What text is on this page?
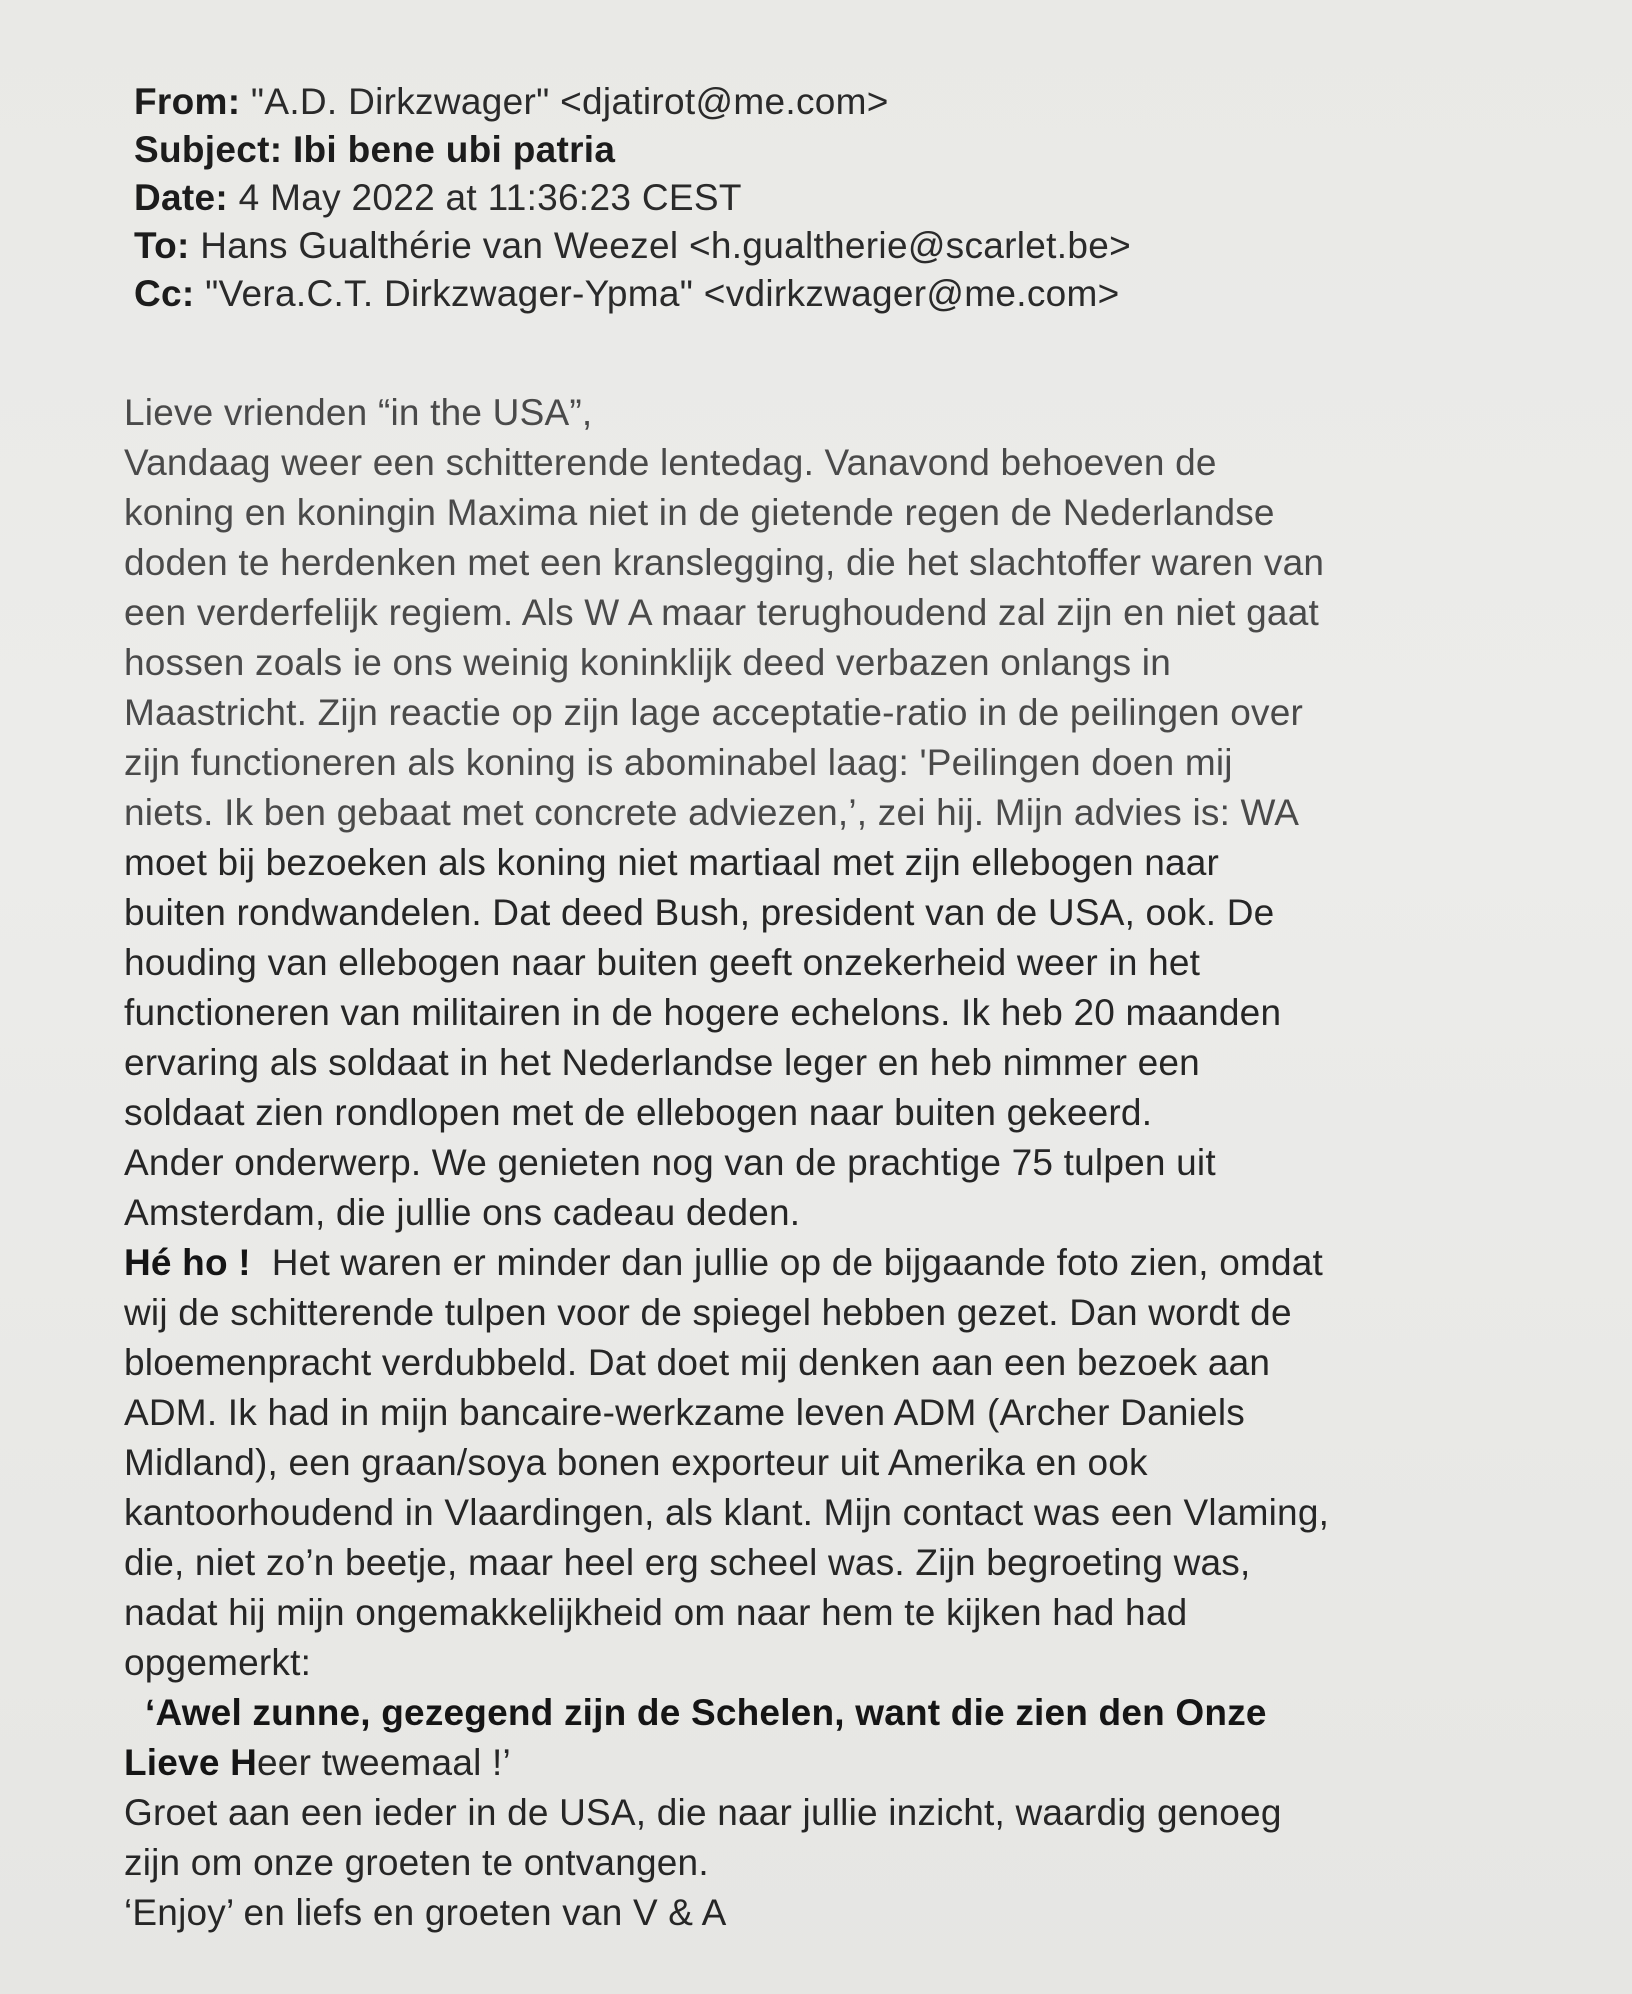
From: "A.D. Dirkzwager" <djatirot@me.com>
Subject: Ibi bene ubi patria
Date: 4 May 2022 at 11:36:23 CEST
To: Hans Gualthérie van Weezel <h.gualtherie@scarlet.be>
Cc: "Vera.C.T. Dirkzwager-Ypma" <vdirkzwager@me.com>
Lieve vrienden “in the USA”,
Vandaag weer een schitterende lentedag. Vanavond behoeven de
koning en koningin Maxima niet in de gietende regen de Nederlandse
doden te herdenken met een kranslegging, die het slachtoffer waren van
een verderfelijk regiem. Als W A maar terughoudend zal zijn en niet gaat
hossen zoals ie ons weinig koninklijk deed verbazen onlangs in
Maastricht. Zijn reactie op zijn lage acceptatie-ratio in de peilingen over
zijn functioneren als koning is abominabel laag: 'Peilingen doen mij
niets. Ik ben gebaat met concrete adviezen,’, zei hij. Mijn advies is: WA
moet bij bezoeken als koning niet martiaal met zijn ellebogen naar
buiten rondwandelen. Dat deed Bush, president van de USA, ook. De
houding van ellebogen naar buiten geeft onzekerheid weer in het
functioneren van militairen in de hogere echelons. Ik heb 20 maanden
ervaring als soldaat in het Nederlandse leger en heb nimmer een
soldaat zien rondlopen met de ellebogen naar buiten gekeerd.
Ander onderwerp. We genieten nog van de prachtige 75 tulpen uit
Amsterdam, die jullie ons cadeau deden.
Hé ho !  Het waren er minder dan jullie op de bijgaande foto zien, omdat
wij de schitterende tulpen voor de spiegel hebben gezet. Dan wordt de
bloemenpracht verdubbeld. Dat doet mij denken aan een bezoek aan
ADM. Ik had in mijn bancaire-werkzame leven ADM (Archer Daniels
Midland), een graan/soya bonen exporteur uit Amerika en ook
kantoorhoudend in Vlaardingen, als klant. Mijn contact was een Vlaming,
die, niet zo’n beetje, maar heel erg scheel was. Zijn begroeting was,
nadat hij mijn ongemakkelijkheid om naar hem te kijken had had
opgemerkt:
‘Awel zunne, gezegend zijn de Schelen, want die zien den Onze
Lieve Heer tweemaal !’
Groet aan een ieder in de USA, die naar jullie inzicht, waardig genoeg
zijn om onze groeten te ontvangen.
‘Enjoy’ en liefs en groeten van V & A
